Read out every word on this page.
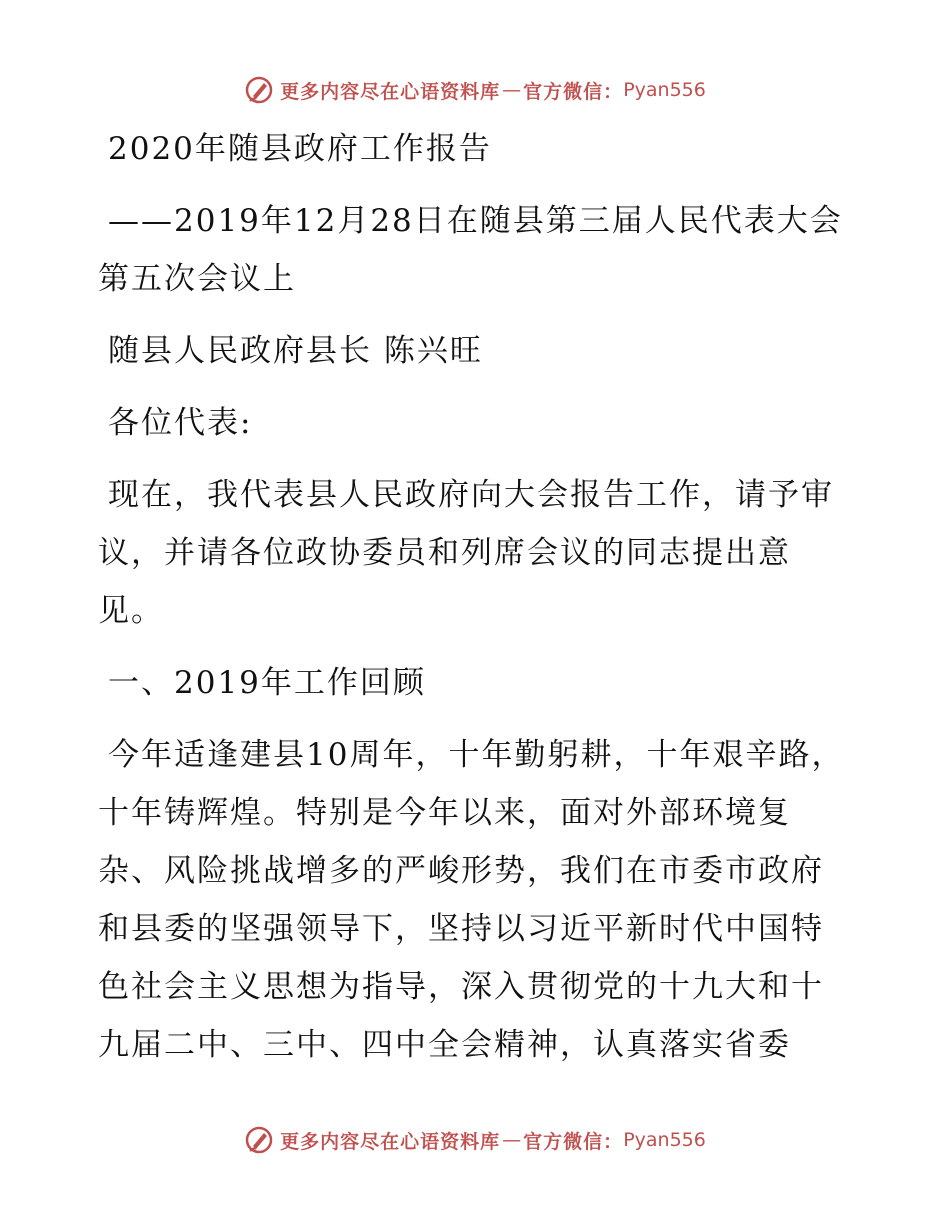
更多内容尽在心语资料库 — 官方微信： Pyan556

2020年随县政府工作报告

——2019年12月28日在随县第三届人民代表大会第五次会议上

随县人民政府县长 陈兴旺

各位代表:

现在，我代表县人民政府向大会报告工作，请予审议，并请各位政协委员和列席会议的同志提出意见。

一、2019年工作回顾

今年适逢建县10周年，十年勤躬耕，十年艰辛路，十年铸辉煌。特别是今年以来，面对外部环境复杂、风险挑战增多的严峻形势，我们在市委市政府和县委的坚强领导下，坚持以习近平新时代中国特色社会主义思想为指导，深入贯彻党的十九大和十九届二中、三中、四中全会精神，认真落实省委

更多内容尽在心语资料库 — 官方微信： Pyan556
